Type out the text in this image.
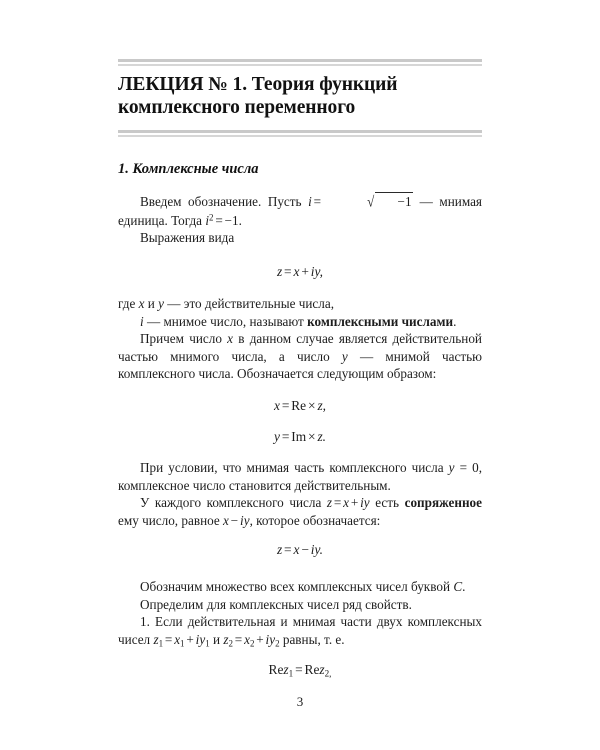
ЛЕКЦИЯ № 1. Теория функций
комплексного переменного
1. Комплексные числа

Введем обозначение. Пусть i =	√ −1 — мнимая единица. Тогда $i^2 = -1$.

Выражения вида

z = x + iy,

где x и y — это действительные числа,

i — мнимое число, называют комплексными числами.

Причем число x в данном случае является действительной частью мнимого числа, а число y — мнимой частью комплексного числа. Обозначается следующим образом:

x = Re × z,
y = Im × z.

При условии, что мнимая часть комплексного числа y = 0, комплексное число становится действительным.

У каждого комплексного числа z = x + iy есть сопряженное ему число, равное x − iy, которое обозначается:

z = x − iy.

Обозначим множество всех комплексных чисел буквой C.

Определим для комплексных чисел ряд свойств.

1. Если действительная и мнимая части двух комплексных чисел $z_1 = x_1 + iy_1$ и $z_2 = x_2 + iy_2$ равны, т. е.

Rez$_1$ = Rez$_{2,}$
3
